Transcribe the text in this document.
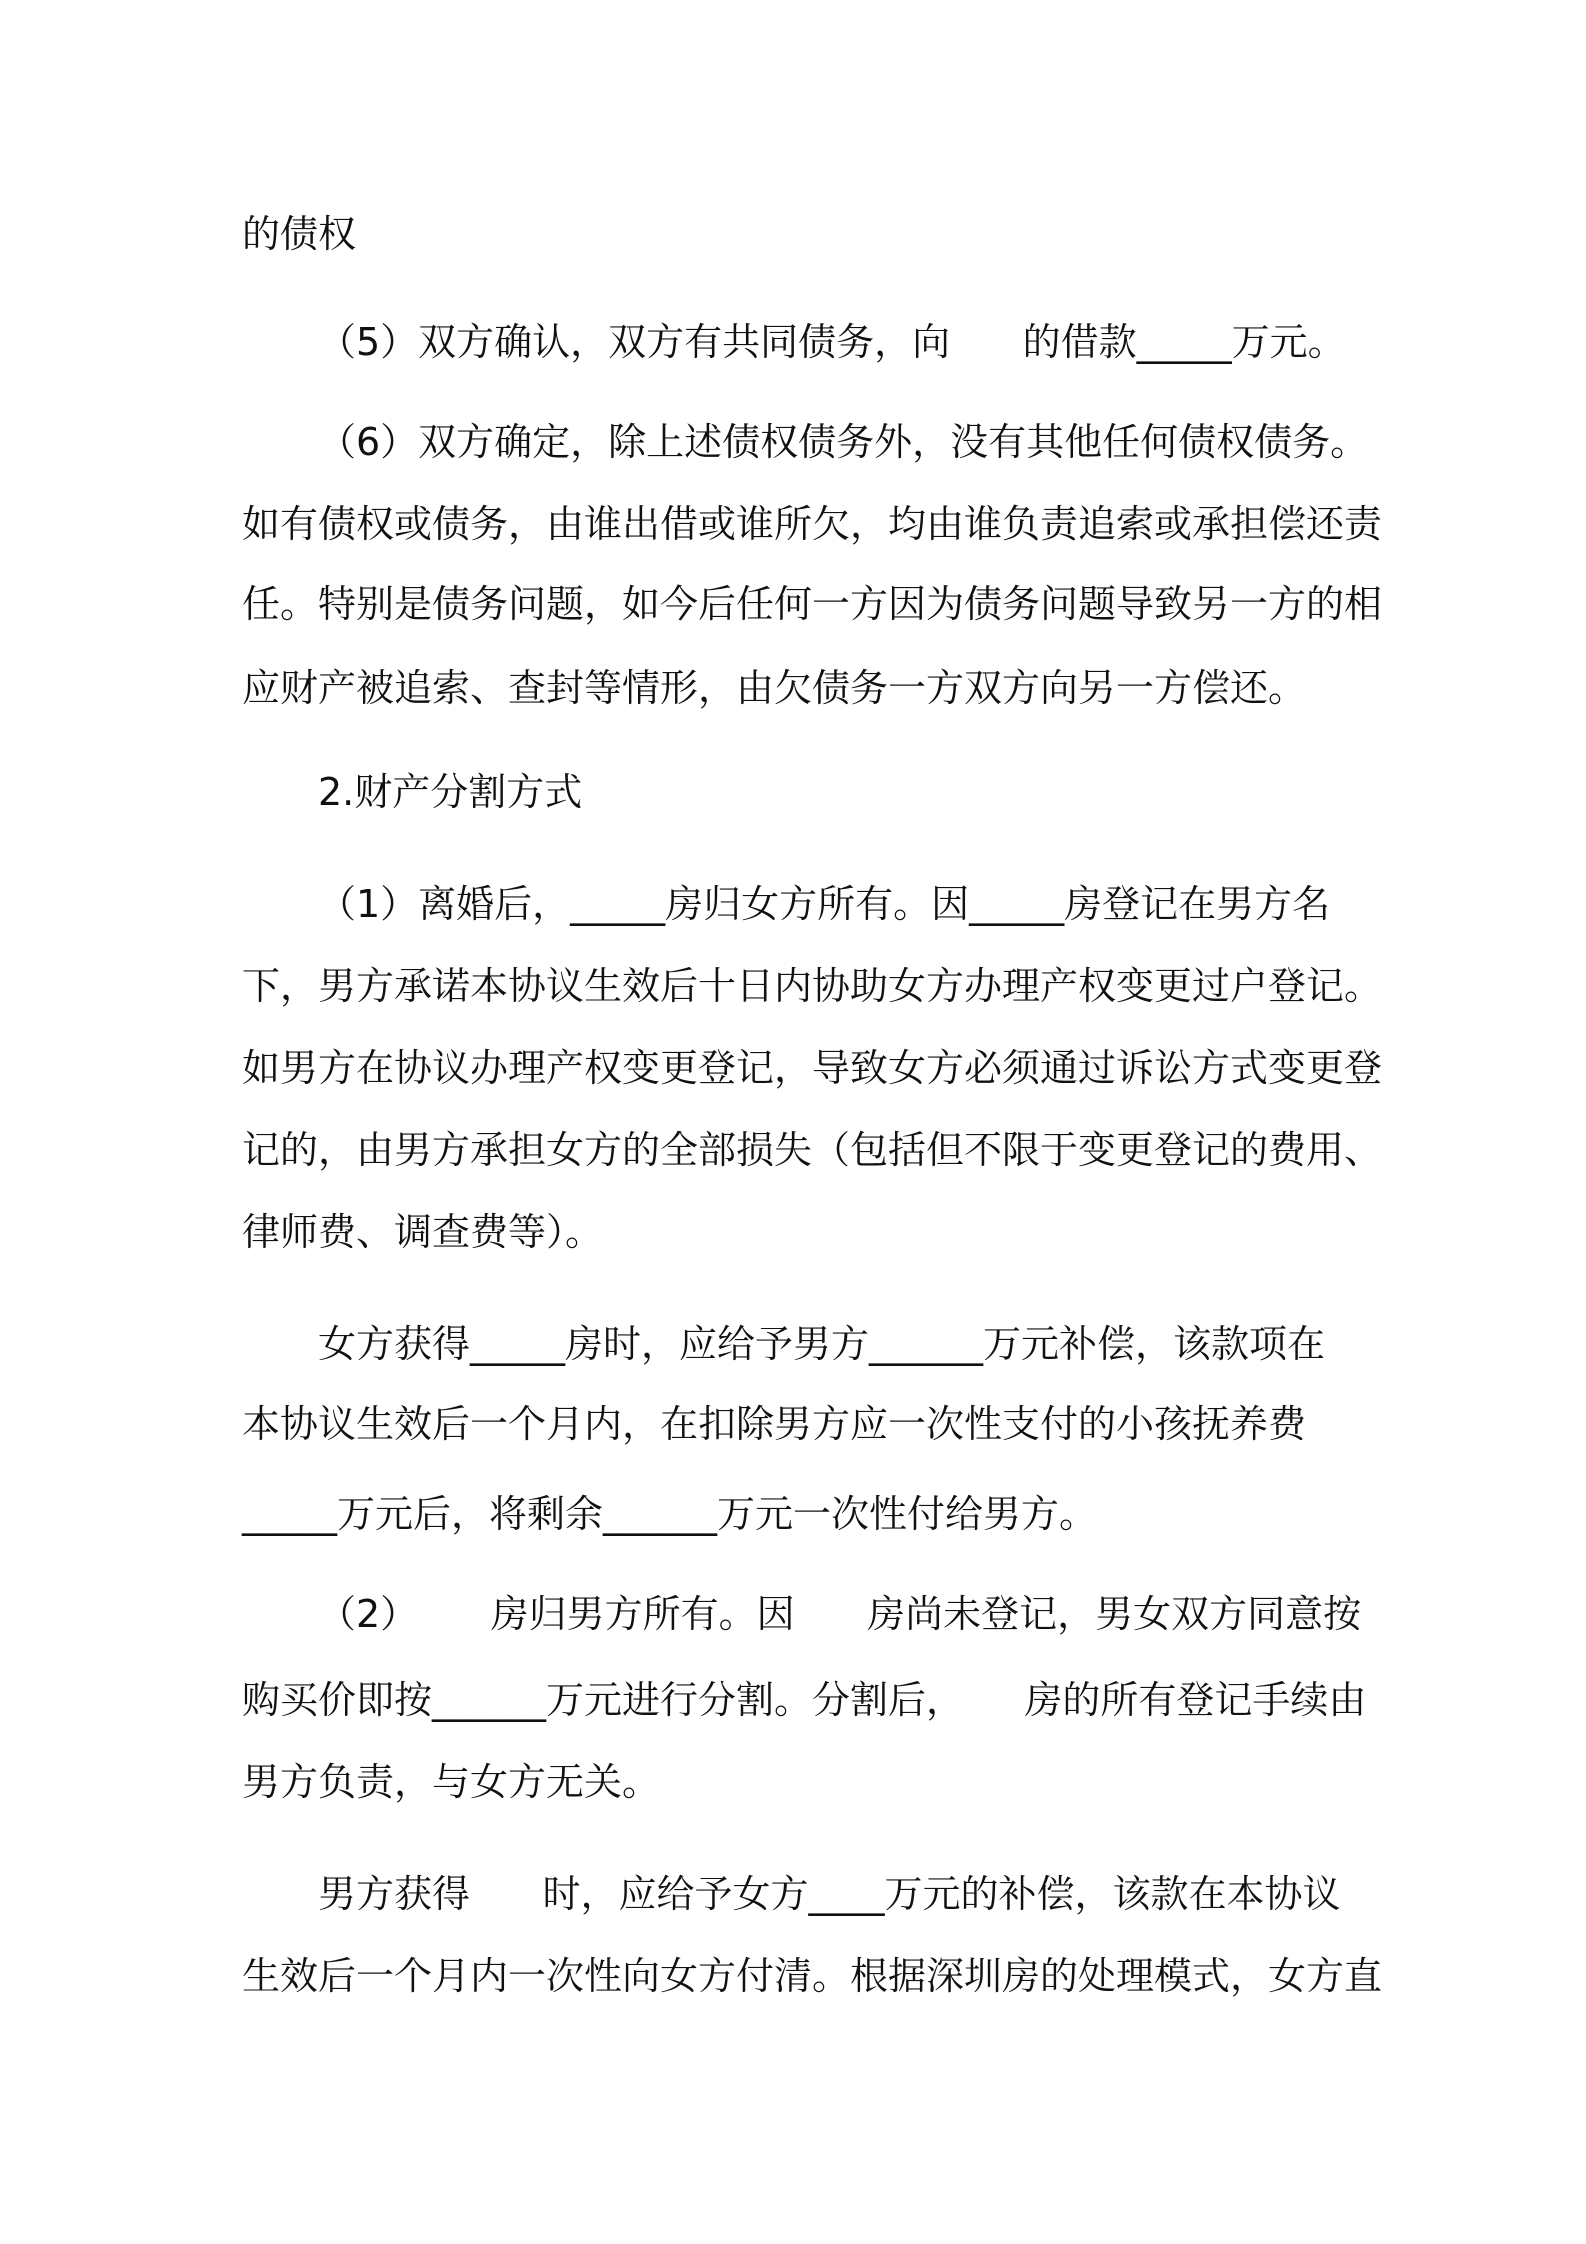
的债权
（5）双方确认，双方有共同债务，向      的借款_____万元。
（6）双方确定，除上述债权债务外，没有其他任何债权债务。
如有债权或债务，由谁出借或谁所欠，均由谁负责追索或承担偿还责
任。特别是债务问题，如今后任何一方因为债务问题导致另一方的相
应财产被追索、查封等情形，由欠债务一方双方向另一方偿还。
2.财产分割方式
（1）离婚后，_____房归女方所有。因_____房登记在男方名
下，男方承诺本协议生效后十日内协助女方办理产权变更过户登记。
如男方在协议办理产权变更登记，导致女方必须通过诉讼方式变更登
记的，由男方承担女方的全部损失（包括但不限于变更登记的费用、
律师费、调查费等）。
女方获得_____房时，应给予男方______万元补偿，该款项在
本协议生效后一个月内，在扣除男方应一次性支付的小孩抚养费
_____万元后，将剩余______万元一次性付给男方。
（2）      房归男方所有。因      房尚未登记，男女双方同意按
购买价即按______万元进行分割。分割后，     房的所有登记手续由
男方负责，与女方无关。
男方获得      时，应给予女方____万元的补偿，该款在本协议
生效后一个月内一次性向女方付清。根据深圳房的处理模式，女方直
